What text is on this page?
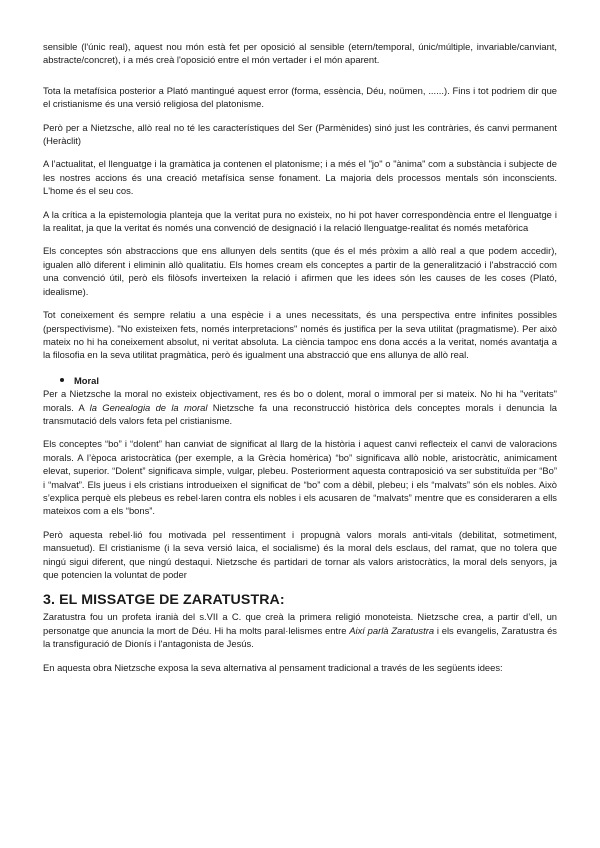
sensible (l'únic real), aquest nou món està fet per oposició al sensible (etern/temporal, únic/múltiple, invariable/canviant, abstracte/concret), i a més creà l'oposició entre el món vertader i el món aparent.

Tota la metafísica posterior a Plató mantingué aquest error (forma, essència, Déu, noümen, ......). Fins i tot podriem dir que el cristianisme és una versió religiosa del platonisme.

Però per a Nietzsche, allò real no té les característiques del Ser (Parmènides) sinó just les contràries, és canvi permanent (Heràclit)

A l’actualitat, el llenguatge i la gramàtica ja contenen el platonisme; i a més el "jo" o "ànima" com a substància i subjecte de les nostres accions és una creació metafísica sense fonament. La majoria dels processos mentals són inconscients. L'home és el seu cos.

A la crítica a la epistemologia planteja que la veritat pura no existeix, no hi pot haver correspondència entre el llenguatge i la realitat, ja que la veritat és només una convenció de designació i la relació llenguatge-realitat és només metafòrica

Els conceptes són abstraccions que ens allunyen dels sentits (que és el més pròxim a allò real a que podem accedir), igualen allò diferent i eliminin allò qualitatiu. Els homes cream els conceptes a partir de la generalització i l'abstracció com una convenció útil, però els filòsofs inverteixen la relació i afirmen que les idees són les causes de les coses (Plató, idealisme).

Tot coneixement és sempre relatiu a una espècie i a unes necessitats, és una perspectiva entre infinites possibles (perspectivisme). "No existeixen fets, només interpretacions" només és justifica per la seva utilitat (pragmatisme). Per això mateix no hi ha coneixement absolut, ni veritat absoluta. La ciència tampoc ens dona accés a la veritat, només avantatja a la filosofia en la seva utilitat pragmàtica, però és igualment una abstracció que ens allunya de allò real.

Moral

Per a Nietzsche la moral no existeix objectivament, res és bo o dolent, moral o immoral per si mateix. No hi ha "veritats" morals. A la Genealogia de la moral Nietzsche fa una reconstrucció històrica dels conceptes morals i denuncia la transmutació dels valors feta pel cristianisme.

Els conceptes “bo” i “dolent” han canviat de significat al llarg de la història i aquest canvi reflecteix el canvi de valoracions morals. A l’època aristocràtica (per exemple, a la Grècia homèrica) “bo” significava allò noble, aristocràtic, animicament elevat, superior. “Dolent” significava simple, vulgar, plebeu. Posteriorment aquesta contraposició va ser substituïda per “Bo” i “malvat”. Els jueus i els cristians introdueixen el significat de “bo” com a dèbil, plebeu; i els “malvats” són els nobles. Això s’explica perquè els plebeus es rebel·laren contra els nobles i els acusaren de “malvats” mentre que es consideraren a ells mateixos com a els “bons”.

Però aquesta rebel·lió fou motivada pel ressentiment i propugnà valors morals anti-vitals (debilitat, sotmetiment, mansuetud). El cristianisme (i la seva versió laica, el socialisme) és la moral dels esclaus, del ramat, que no tolera que ningú sigui diferent, que ningú destaqui. Nietzsche és partidari de tornar als valors aristocràtics, la moral dels senyors, ja que potencien la voluntat de poder

3. EL MISSATGE DE ZARATUSTRA:

Zaratustra fou un profeta iranià del s.VII a C. que creà la primera religió monoteista. Nietzsche crea, a partir d’ell, un personatge que anuncia la mort de Déu. Hi ha molts paral·lelismes entre Així parlà Zaratustra i els evangelis, Zaratustra és la transfiguració de Dionís i l'antagonista de Jesús.

En aquesta obra Nietzsche exposa la seva alternativa al pensament tradicional a través de les següents idees:
